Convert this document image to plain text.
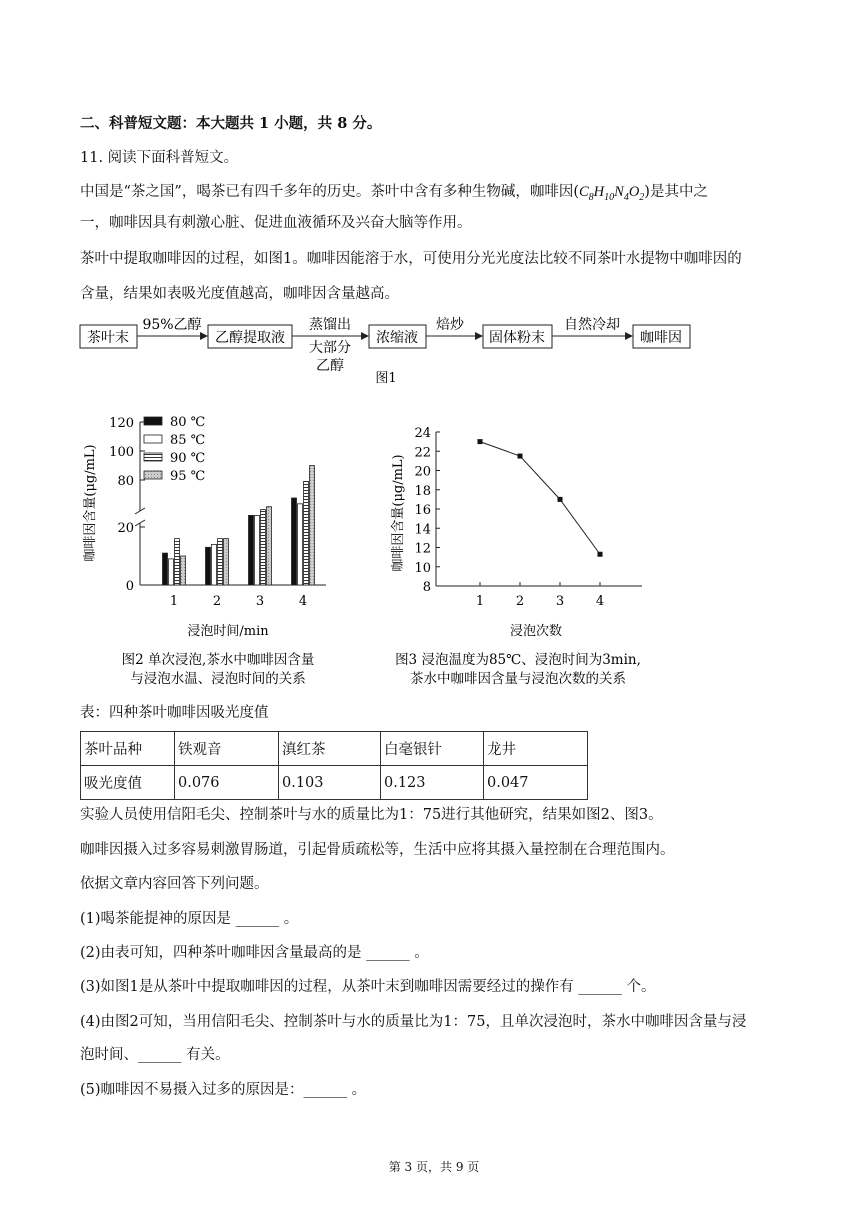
二、科普短文题：本大题共 1 小题，共 8 分。
11. 阅读下面科普短文。
中国是“茶之国”，喝茶已有四千多年的历史。茶叶中含有多种生物碱，咖啡因$(C_8H_{10}N_4O_2)$是其中之
一，咖啡因具有刺激心脏、促进血液循环及兴奋大脑等作用。
茶叶中提取咖啡因的过程，如图1。咖啡因能溶于水，可使用分光光度法比较不同茶叶水提物中咖啡因的
含量，结果如表吸光度值越高，咖啡因含量越高。
茶叶末
95%乙醇
乙醇提取液
蒸馏出
大部分
乙醇
浓缩液
焙炒
固体粉末
自然冷却
咖啡因
图1
0
20
80
100
120
1	2	3	4
80 ℃
85 ℃
90 ℃
95 ℃
浸泡时间/min
咖啡因含量(μg/mL)
图2 单次浸泡,茶水中咖啡因含量
与浸泡水温、浸泡时间的关系
8
10
12
14
16
18
20
22
24
1 2 3 4
浸泡次数
咖啡因含量(μg/mL)
图3 浸泡温度为85℃、浸泡时间为3min,
茶水中咖啡因含量与浸泡次数的关系
表：四种茶叶咖啡因吸光度值
茶叶品种	铁观音	滇红茶	白毫银针	龙井
吸光度值	0.076	0.103	0.123	0.047
实验人员使用信阳毛尖、控制茶叶与水的质量比为1：75进行其他研究，结果如图2、图3。
咖啡因摄入过多容易刺激胃肠道，引起骨质疏松等，生活中应将其摄入量控制在合理范围内。
依据文章内容回答下列问题。
(1)喝茶能提神的原因是 ______ 。
(2)由表可知，四种茶叶咖啡因含量最高的是 ______ 。
(3)如图1是从茶叶中提取咖啡因的过程，从茶叶末到咖啡因需要经过的操作有 ______ 个。
(4)由图2可知，当用信阳毛尖、控制茶叶与水的质量比为1：75，且单次浸泡时，茶水中咖啡因含量与浸
泡时间、______ 有关。
(5)咖啡因不易摄入过多的原因是：______ 。
第 3 页，共 9 页
